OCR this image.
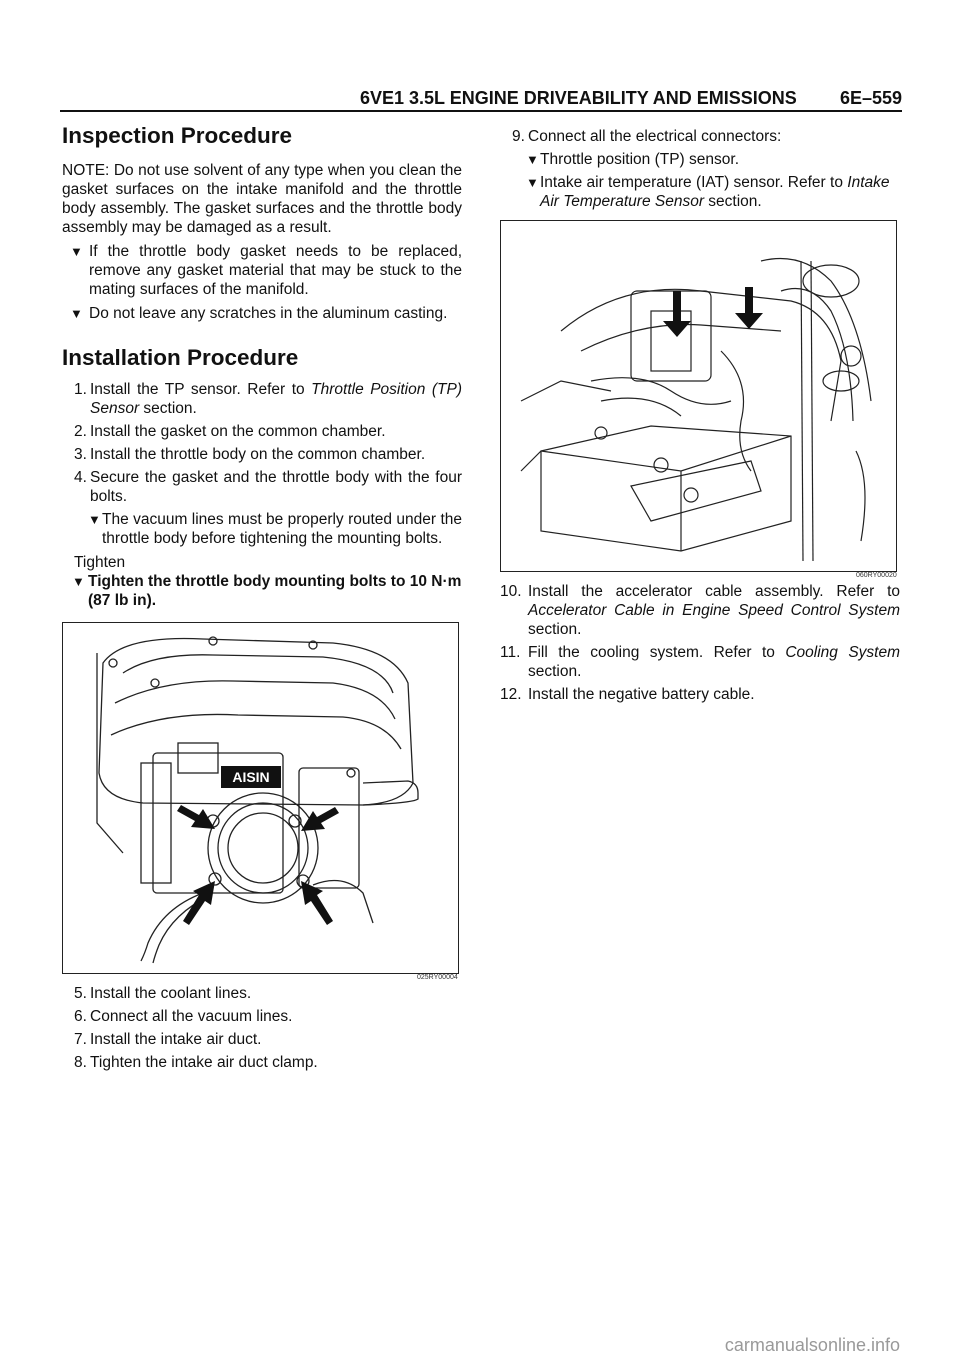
6VE1 3.5L ENGINE DRIVEABILITY AND EMISSIONS 6E–559
Inspection Procedure
NOTE: Do not use solvent of any type when you clean the gasket surfaces on the intake manifold and the throttle body assembly. The gasket surfaces and the throttle body assembly may be damaged as a result.
▼ If the throttle body gasket needs to be replaced, remove any gasket material that may be stuck to the mating surfaces of the manifold.
▼ Do not leave any scratches in the aluminum casting.
Installation Procedure
1. Install the TP sensor. Refer to Throttle Position (TP) Sensor section.
2. Install the gasket on the common chamber.
3. Install the throttle body on the common chamber.
4. Secure the gasket and the throttle body with the four bolts.
▼ The vacuum lines must be properly routed under the throttle body before tightening the mounting bolts.
Tighten
▼ Tighten the throttle body mounting bolts to 10 N·m (87 lb in).
AISIN
025RY00004
5. Install the coolant lines.
6. Connect all the vacuum lines.
7. Install the intake air duct.
8. Tighten the intake air duct clamp.
9. Connect all the electrical connectors:
▼ Throttle position (TP) sensor.
▼ Intake air temperature (IAT) sensor. Refer to Intake Air Temperature Sensor section.
060RY00020
10. Install the accelerator cable assembly. Refer to Accelerator Cable in Engine Speed Control System section.
11. Fill the cooling system. Refer to Cooling System section.
12. Install the negative battery cable.
carmanualsonline.info
